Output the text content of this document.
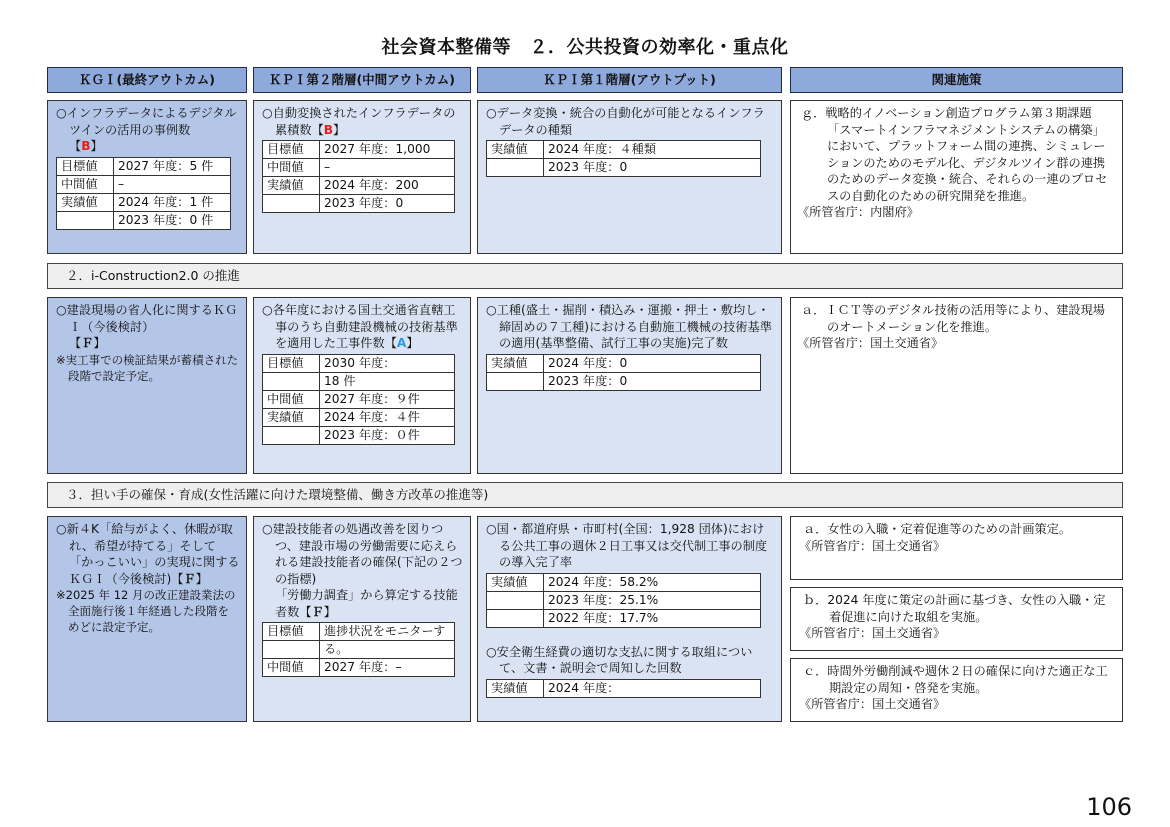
社会資本整備等　２．公共投資の効率化・重点化
ＫＧＩ(最終アウトカム)	ＫＰＩ第２階層(中間アウトカム)	ＫＰＩ第１階層(アウトプット)	関連施策
○インフラデータによるデジタルツインの活用の事例数
【B】
目標値	2027 年度：5 件
中間値	–
実績値	2024 年度：1 件
	2023 年度：0 件
○自動変換されたインフラデータの累積数【B】
目標値	2027 年度：1,000
中間値	–
実績値	2024 年度：200
	2023 年度：0
○データ変換・統合の自動化が可能となるインフラデータの種類
実績値	2024 年度：４種類
	2023 年度：0
ｇ．戦略的イノベーション創造プログラム第３期課題「スマートインフラマネジメントシステムの構築」において、プラットフォーム間の連携、シミュレーションのためのモデル化、デジタルツイン群の連携のためのデータ変換・統合、それらの一連のプロセスの自動化のための研究開発を推進。
《所管省庁：内閣府》
２．i-Construction2.0 の推進
○建設現場の省人化に関するＫＧＩ（今後検討）
【Ｆ】
※実工事での検証結果が蓄積された段階で設定予定。
○各年度における国土交通省直轄工事のうち自動建設機械の技術基準を適用した工事件数【A】
目標値	2030 年度：
	18 件
中間値	2027 年度：９件
実績値	2024 年度：４件
	2023 年度：０件
○工種(盛土・掘削・積込み・運搬・押土・敷均し・締固めの７工種)における自動施工機械の技術基準の適用(基準整備、試行工事の実施)完了数
実績値	2024 年度：0
	2023 年度：0
ａ．ＩＣＴ等のデジタル技術の活用等により、建設現場のオートメーション化を推進。
《所管省庁：国土交通省》
３．担い手の確保・育成(女性活躍に向けた環境整備、働き方改革の推進等)
○新４K「給与がよく、休暇が取れ、希望が持てる」そして「かっこいい」の実現に関するＫＧＩ（今後検討)【Ｆ】
※2025 年 12 月の改正建設業法の全面施行後１年経過した段階をめどに設定予定。
○建設技能者の処遇改善を図りつつ、建設市場の労働需要に応えられる建設技能者の確保(下記の２つの指標)
「労働力調査」から算定する技能者数【Ｆ】
目標値	進捗状況をモニターす
	る。
中間値	2027 年度：–
○国・都道府県・市町村(全国：1,928 団体)における公共工事の週休２日工事又は交代制工事の制度の導入完了率
実績値	2024 年度：58.2%
	2023 年度：25.1%
	2022 年度：17.7%
○安全衛生経費の適切な支払に関する取組について、文書・説明会で周知した回数
実績値	2024 年度：
ａ．女性の入職・定着促進等のための計画策定。
《所管省庁：国土交通省》
ｂ．2024 年度に策定の計画に基づき、女性の入職・定着促進に向けた取組を実施。
《所管省庁：国土交通省》
ｃ．時間外労働削減や週休２日の確保に向けた適正な工期設定の周知・啓発を実施。
《所管省庁：国土交通省》
106
